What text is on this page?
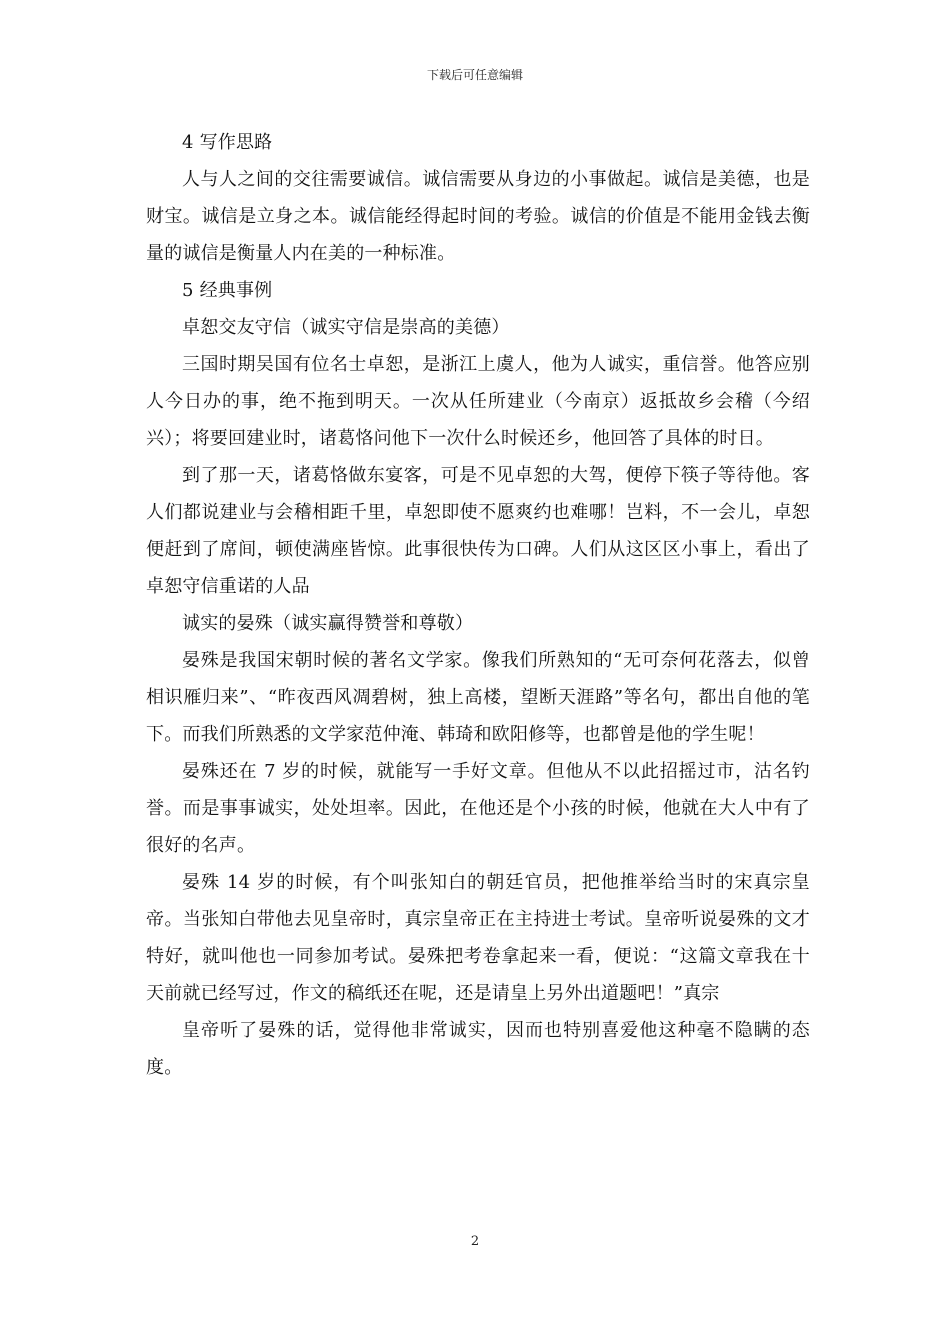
下载后可任意编辑

4 写作思路

人与人之间的交往需要诚信。诚信需要从身边的小事做起。诚信是美德，也是财宝。诚信是立身之本。诚信能经得起时间的考验。诚信的价值是不能用金钱去衡量的诚信是衡量人内在美的一种标准。

5 经典事例

卓恕交友守信（诚实守信是崇高的美德）

三国时期吴国有位名士卓恕，是浙江上虞人，他为人诚实，重信誉。他答应别人今日办的事，绝不拖到明天。一次从任所建业（今南京）返抵故乡会稽（今绍兴）；将要回建业时，诸葛恪问他下一次什么时候还乡，他回答了具体的时日。

到了那一天，诸葛恪做东宴客，可是不见卓恕的大驾，便停下筷子等待他。客人们都说建业与会稽相距千里，卓恕即使不愿爽约也难哪！岂料，不一会儿，卓恕便赶到了席间，顿使满座皆惊。此事很快传为口碑。人们从这区区小事上，看出了卓恕守信重诺的人品

诚实的晏殊（诚实赢得赞誉和尊敬）

晏殊是我国宋朝时候的著名文学家。像我们所熟知的“无可奈何花落去，似曾相识雁归来”、“昨夜西风凋碧树，独上高楼，望断天涯路”等名句，都出自他的笔下。而我们所熟悉的文学家范仲淹、韩琦和欧阳修等，也都曾是他的学生呢！

晏殊还在 7 岁的时候，就能写一手好文章。但他从不以此招摇过市，沽名钓誉。而是事事诚实，处处坦率。因此，在他还是个小孩的时候，他就在大人中有了很好的名声。

晏殊 14 岁的时候，有个叫张知白的朝廷官员，把他推举给当时的宋真宗皇帝。当张知白带他去见皇帝时，真宗皇帝正在主持进士考试。皇帝听说晏殊的文才特好，就叫他也一同参加考试。晏殊把考卷拿起来一看，便说：“这篇文章我在十天前就已经写过，作文的稿纸还在呢，还是请皇上另外出道题吧！”真宗

皇帝听了晏殊的话，觉得他非常诚实，因而也特别喜爱他这种毫不隐瞒的态度。

2
